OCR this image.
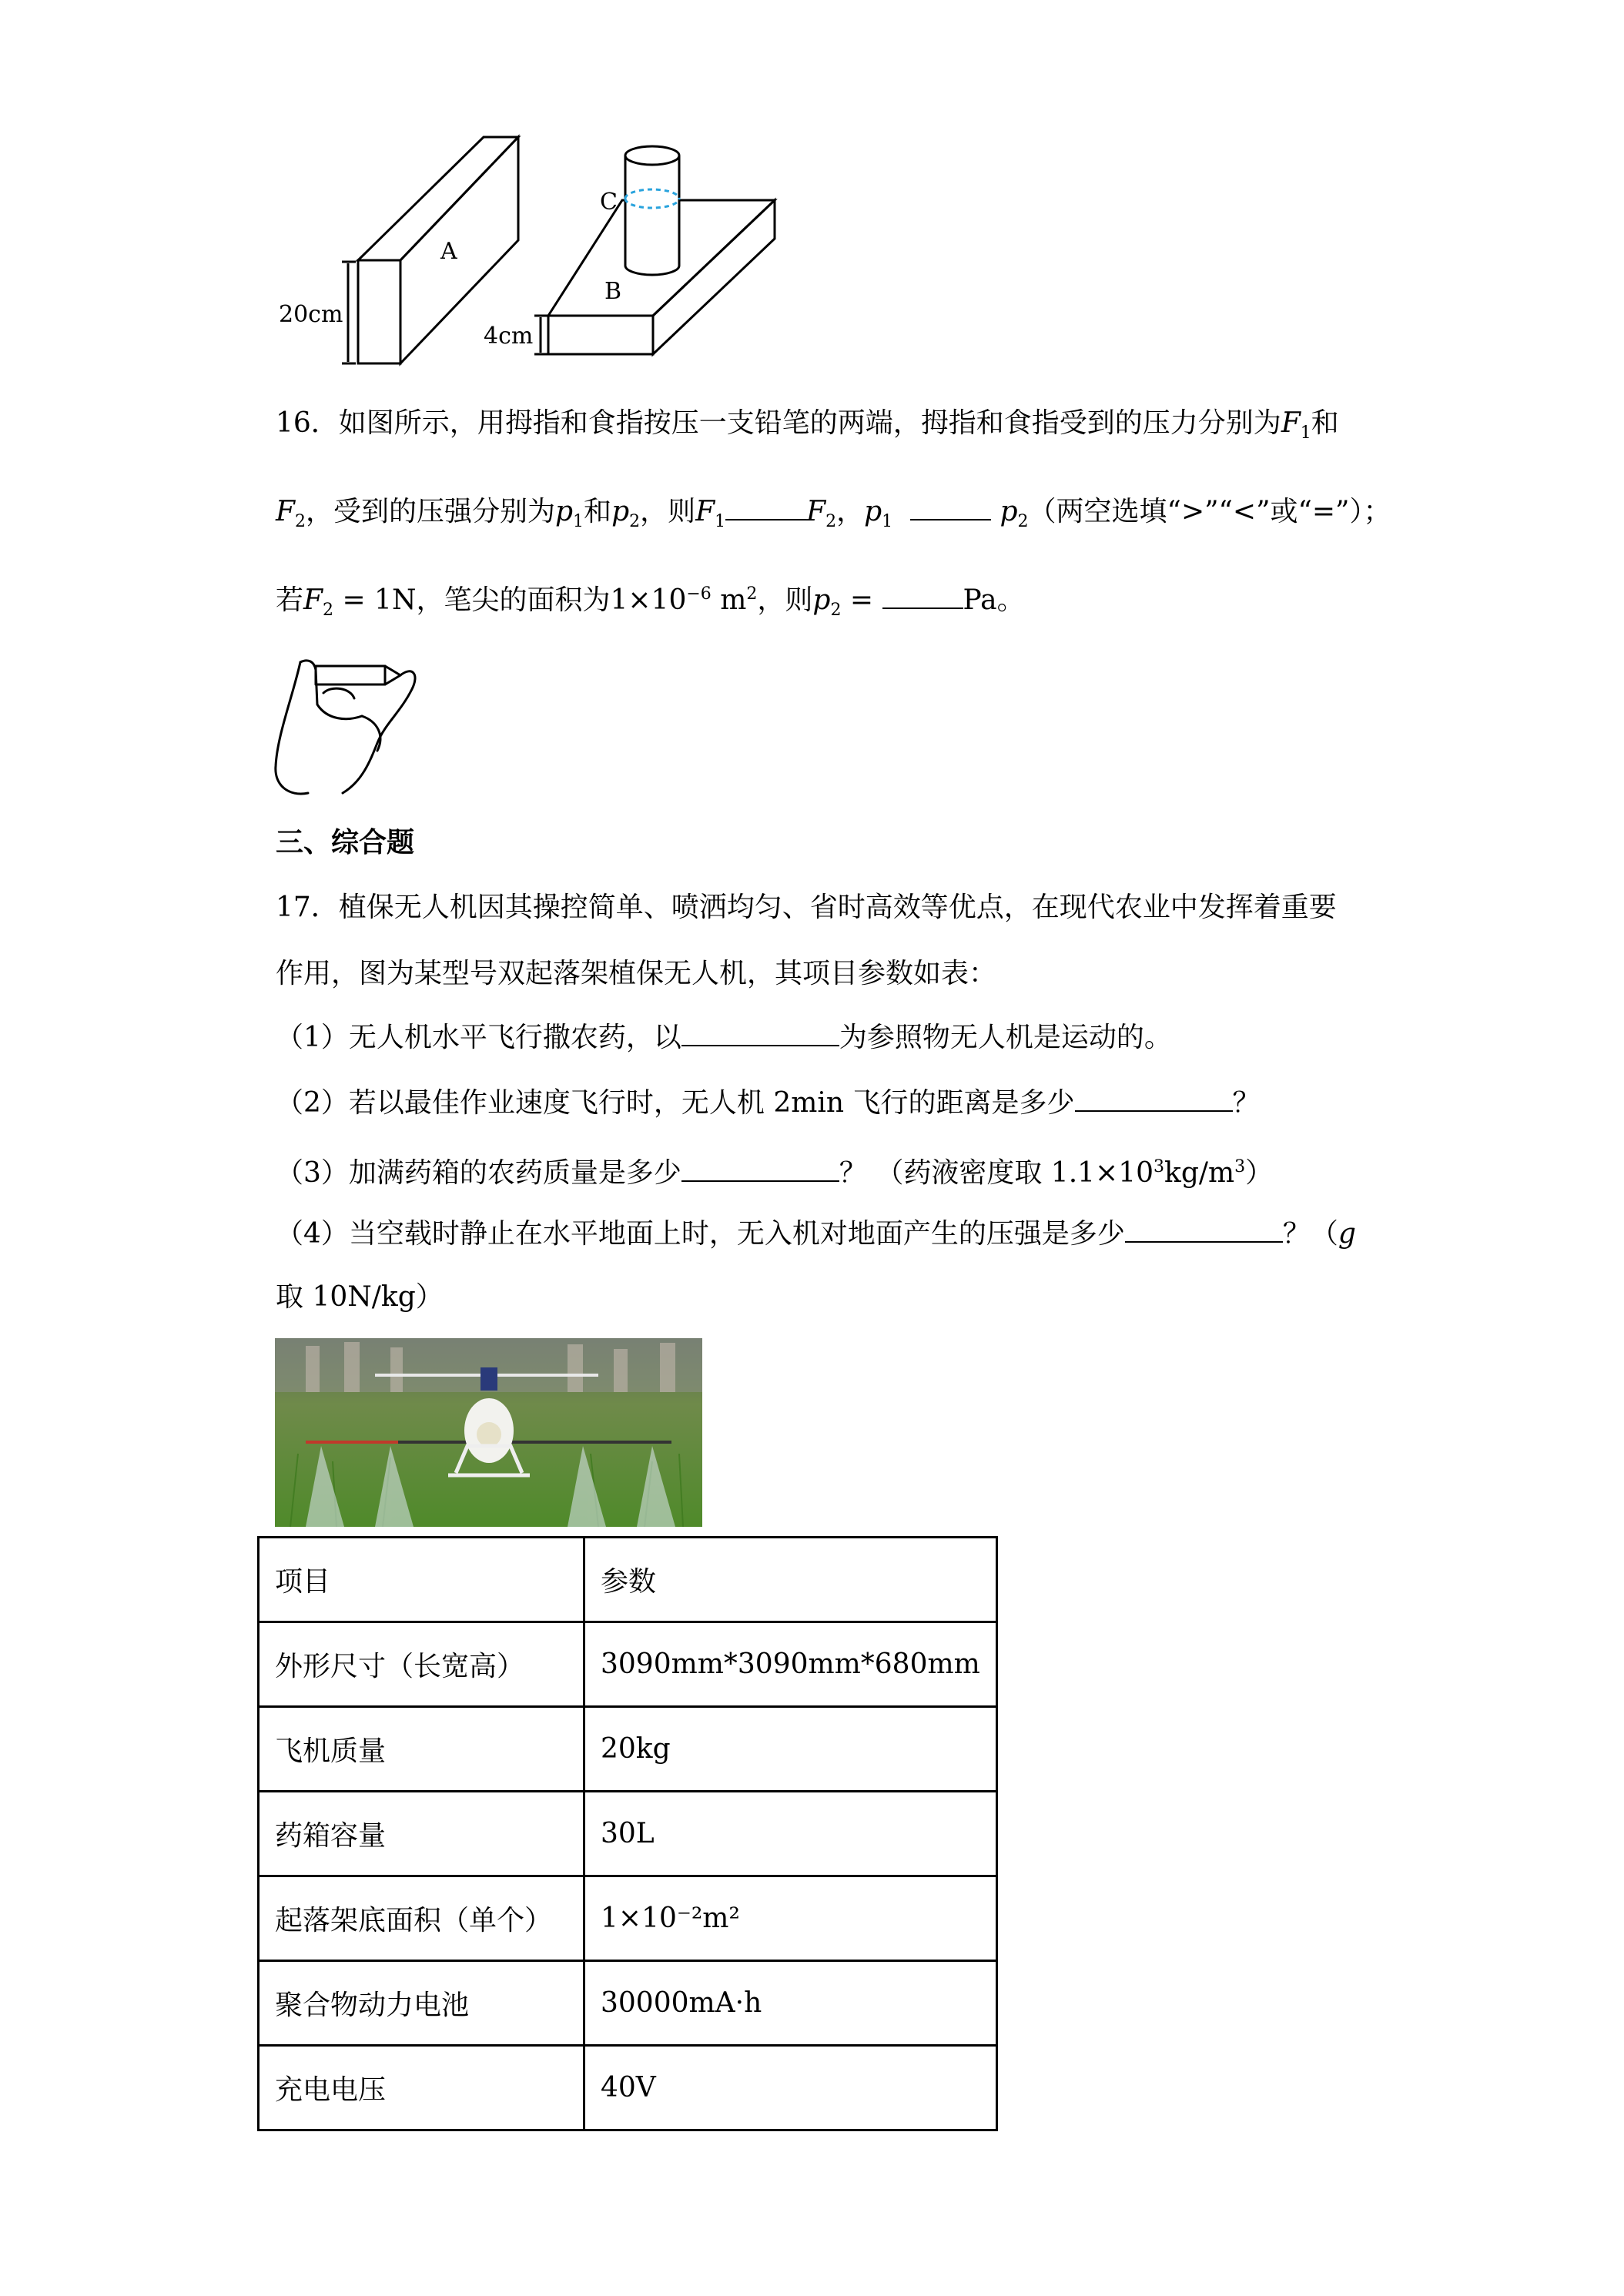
A
B
C
20cm
4cm
16．如图所示，用拇指和食指按压一支铅笔的两端，拇指和食指受到的压力分别为$F_1$和
$F_2$，受到的压强分别为$p_1$和$p_2$，则$F_1$	$F_2$，$p_1$	$p_2$（两空选填“>”“<”或“=”）；
若$F_2 = 1N$，笔尖的面积为$1\times 10^{-6}$ $m^2$，则$p_2$ =	Pa。
三、综合题
17．植保无人机因其操控简单、喷洒均匀、省时高效等优点，在现代农业中发挥着重要
作用，图为某型号双起落架植保无人机，其项目参数如表：
（1）无人机水平飞行撒农药，以	为参照物无人机是运动的。
（2）若以最佳作业速度飞行时，无人机 2min 飞行的距离是多少	？
（3）加满药箱的农药质量是多少	？ （药液密度取 $1.1\times 10^3kg/m^3$）
（4）当空载时静止在水平地面上时，无入机对地面产生的压强是多少	？（g
取 10N/kg）
项目	参数
外形尺寸（长宽高）	3090mm*3090mm*680mm
飞机质量	20kg
药箱容量	30L
起落架底面积（单个）	1×10⁻²m²
聚合物动力电池	30000mA·h
充电电压	40V
